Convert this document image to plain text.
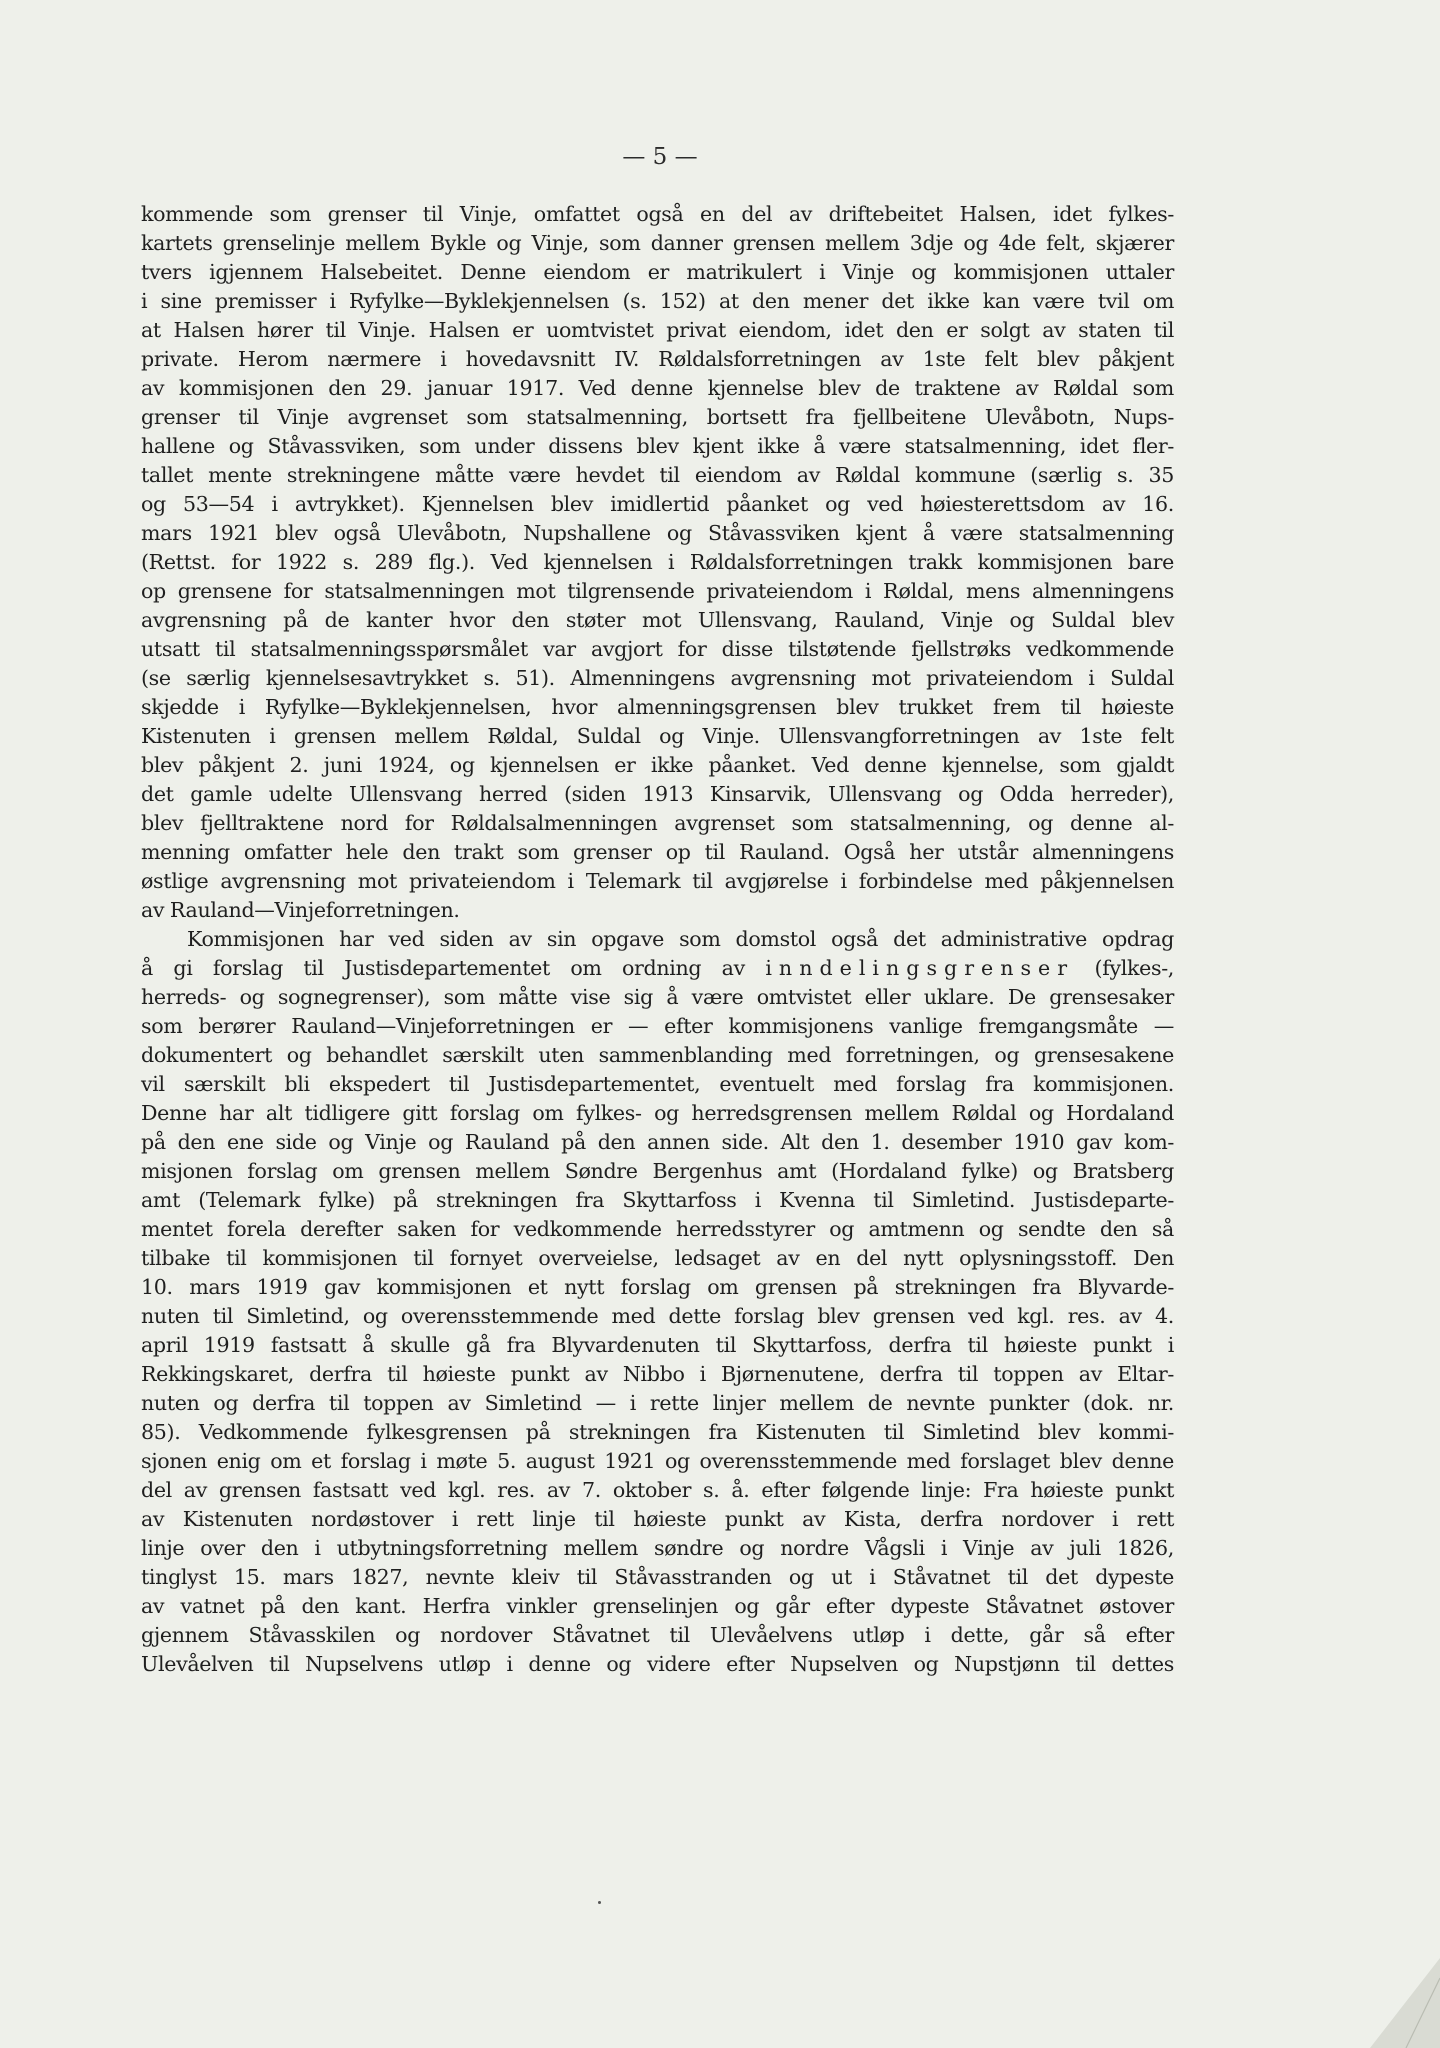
— 5 —
kommende som grenser til Vinje, omfattet også en del av driftebeitet Halsen, idet fylkes-
kartets grenselinje mellem Bykle og Vinje, som danner grensen mellem 3dje og 4de felt, skjærer
tvers igjennem Halsebeitet. Denne eiendom er matrikulert i Vinje og kommisjonen uttaler
i sine premisser i Ryfylke—Byklekjennelsen (s. 152) at den mener det ikke kan være tvil om
at Halsen hører til Vinje. Halsen er uomtvistet privat eiendom, idet den er solgt av staten til
private. Herom nærmere i hovedavsnitt IV. Røldalsforretningen av 1ste felt blev påkjent
av kommisjonen den 29. januar 1917. Ved denne kjennelse blev de traktene av Røldal som
grenser til Vinje avgrenset som statsalmenning, bortsett fra fjellbeitene Ulevåbotn, Nups-
hallene og Ståvassviken, som under dissens blev kjent ikke å være statsalmenning, idet fler-
tallet mente strekningene måtte være hevdet til eiendom av Røldal kommune (særlig s. 35
og 53—54 i avtrykket). Kjennelsen blev imidlertid påanket og ved høiesterettsdom av 16.
mars 1921 blev også Ulevåbotn, Nupshallene og Ståvassviken kjent å være statsalmenning
(Rettst. for 1922 s. 289 flg.). Ved kjennelsen i Røldalsforretningen trakk kommisjonen bare
op grensene for statsalmenningen mot tilgrensende privateiendom i Røldal, mens almenningens
avgrensning på de kanter hvor den støter mot Ullensvang, Rauland, Vinje og Suldal blev
utsatt til statsalmenningsspørsmålet var avgjort for disse tilstøtende fjellstrøks vedkommende
(se særlig kjennelsesavtrykket s. 51). Almenningens avgrensning mot privateiendom i Suldal
skjedde i Ryfylke—Byklekjennelsen, hvor almenningsgrensen blev trukket frem til høieste
Kistenuten i grensen mellem Røldal, Suldal og Vinje. Ullensvangforretningen av 1ste felt
blev påkjent 2. juni 1924, og kjennelsen er ikke påanket. Ved denne kjennelse, som gjaldt
det gamle udelte Ullensvang herred (siden 1913 Kinsarvik, Ullensvang og Odda herreder),
blev fjelltraktene nord for Røldalsalmenningen avgrenset som statsalmenning, og denne al-
menning omfatter hele den trakt som grenser op til Rauland. Også her utstår almenningens
østlige avgrensning mot privateiendom i Telemark til avgjørelse i forbindelse med påkjennelsen
av Rauland—Vinjeforretningen.
Kommisjonen har ved siden av sin opgave som domstol også det administrative opdrag
å gi forslag til Justisdepartementet om ordning av inndelingsgrenser (fylkes-,
herreds- og sognegrenser), som måtte vise sig å være omtvistet eller uklare. De grensesaker
som berører Rauland—Vinjeforretningen er — efter kommisjonens vanlige fremgangsmåte —
dokumentert og behandlet særskilt uten sammenblanding med forretningen, og grensesakene
vil særskilt bli ekspedert til Justisdepartementet, eventuelt med forslag fra kommisjonen.
Denne har alt tidligere gitt forslag om fylkes- og herredsgrensen mellem Røldal og Hordaland
på den ene side og Vinje og Rauland på den annen side. Alt den 1. desember 1910 gav kom-
misjonen forslag om grensen mellem Søndre Bergenhus amt (Hordaland fylke) og Bratsberg
amt (Telemark fylke) på strekningen fra Skyttarfoss i Kvenna til Simletind. Justisdeparte-
mentet forela derefter saken for vedkommende herredsstyrer og amtmenn og sendte den så
tilbake til kommisjonen til fornyet overveielse, ledsaget av en del nytt oplysningsstoff. Den
10. mars 1919 gav kommisjonen et nytt forslag om grensen på strekningen fra Blyvarde-
nuten til Simletind, og overensstemmende med dette forslag blev grensen ved kgl. res. av 4.
april 1919 fastsatt å skulle gå fra Blyvardenuten til Skyttarfoss, derfra til høieste punkt i
Rekkingskaret, derfra til høieste punkt av Nibbo i Bjørnenutene, derfra til toppen av Eltar-
nuten og derfra til toppen av Simletind — i rette linjer mellem de nevnte punkter (dok. nr.
85). Vedkommende fylkesgrensen på strekningen fra Kistenuten til Simletind blev kommi-
sjonen enig om et forslag i møte 5. august 1921 og overensstemmende med forslaget blev denne
del av grensen fastsatt ved kgl. res. av 7. oktober s. å. efter følgende linje: Fra høieste punkt
av Kistenuten nordøstover i rett linje til høieste punkt av Kista, derfra nordover i rett
linje over den i utbytningsforretning mellem søndre og nordre Vågsli i Vinje av juli 1826,
tinglyst 15. mars 1827, nevnte kleiv til Ståvasstranden og ut i Ståvatnet til det dypeste
av vatnet på den kant. Herfra vinkler grenselinjen og går efter dypeste Ståvatnet østover
gjennem Ståvasskilen og nordover Ståvatnet til Ulevåelvens utløp i dette, går så efter
Ulevåelven til Nupselvens utløp i denne og videre efter Nupselven og Nupstjønn til dettes
